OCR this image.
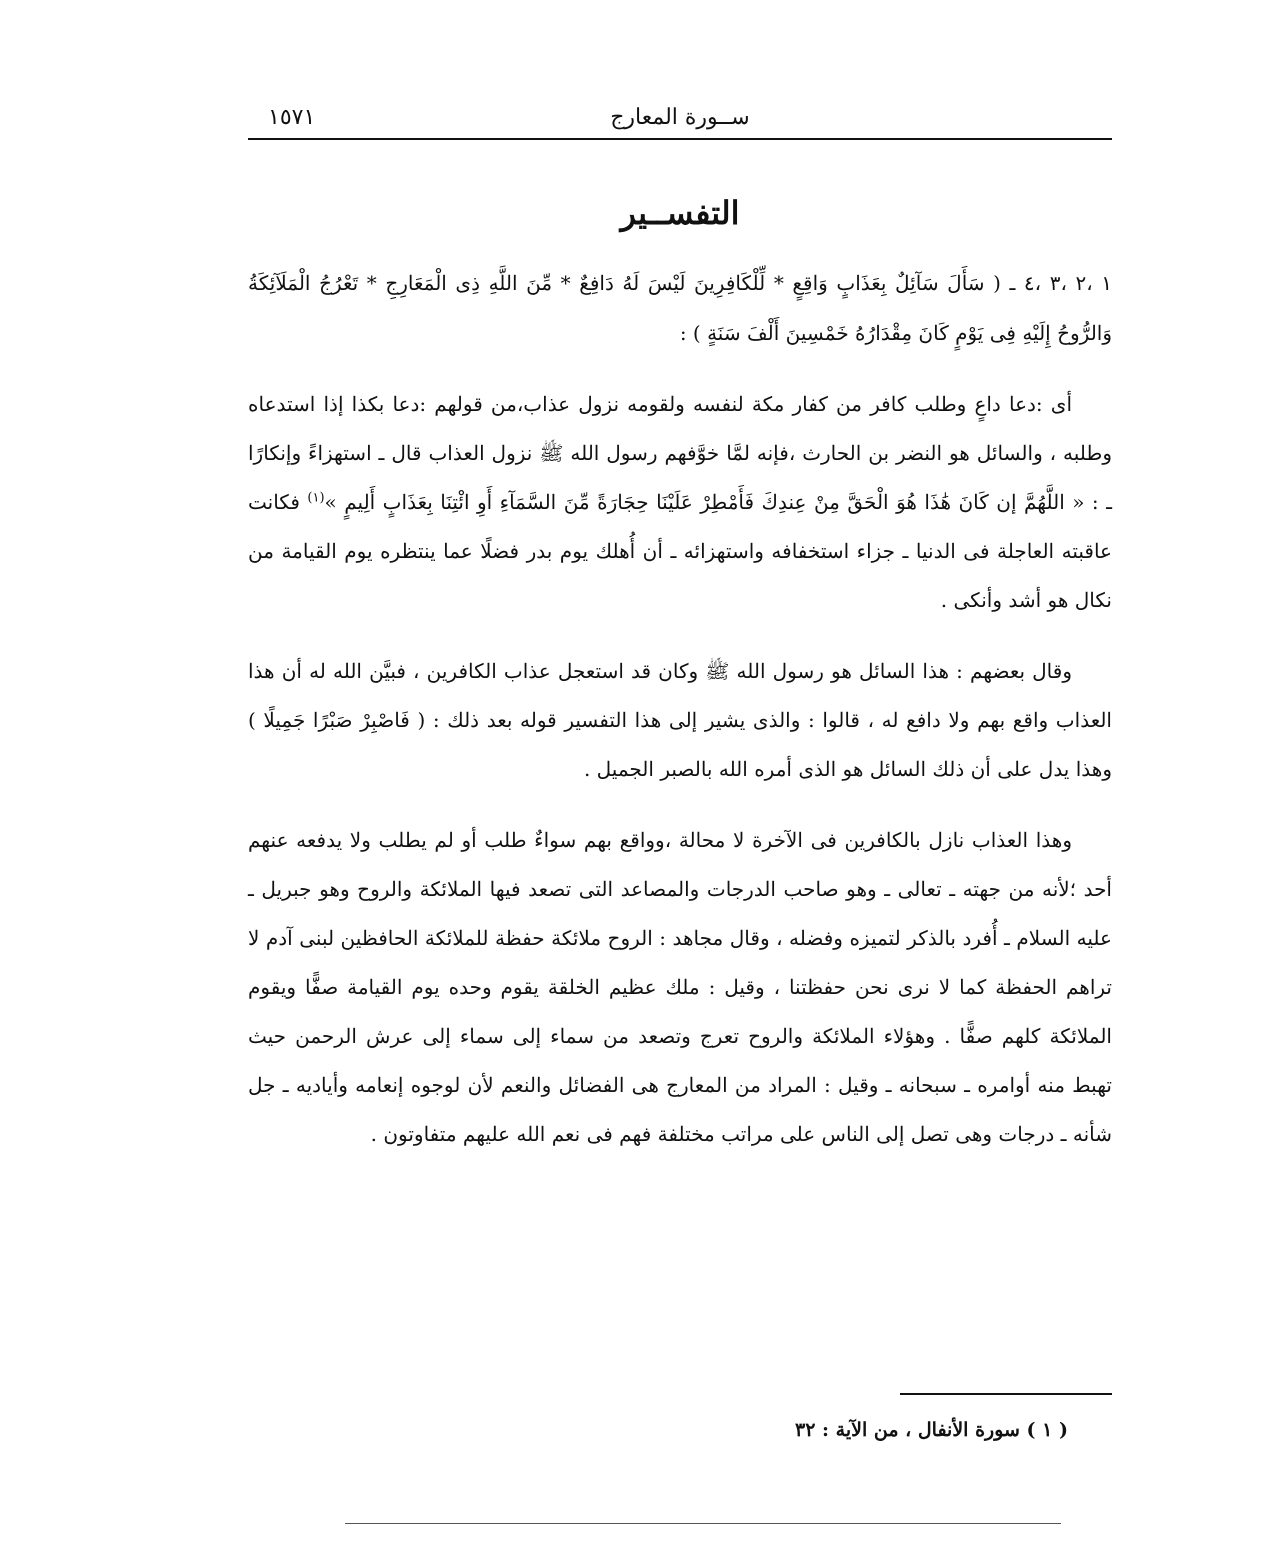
ســورة المعارج
١٥٧١
التفســير

١ ،٢ ،٣ ،٤ ـ ( سَأَلَ سَآئِلٌ بِعَذَابٍ وَاقِعٍ * لِّلْكَافِرِينَ لَيْسَ لَهُ دَافِعٌ * مِّنَ اللَّهِ ذِى الْمَعَارِجِ * تَعْرُجُ الْمَلَآئِكَةُ وَالرُّوحُ إِلَيْهِ فِى يَوْمٍ كَانَ مِقْدَارُهُ خَمْسِينَ أَلْفَ سَنَةٍ ) :

أى :دعا داعٍ وطلب كافر من كفار مكة لنفسه ولقومه نزول عذاب،من قولهم :دعا بكذا إذا استدعاه وطلبه ، والسائل هو النضر بن الحارث ،فإنه لمَّا خوَّفهم رسول الله ﷺ نزول العذاب قال ـ استهزاءً وإنكارًا ـ : « اللَّهُمَّ إن كَانَ هَٰذَا هُوَ الْحَقَّ مِنْ عِندِكَ فَأَمْطِرْ عَلَيْنَا حِجَارَةً مِّنَ السَّمَآءِ أَوِ ائْتِنَا بِعَذَابٍ أَلِيمٍ »$^{(١)}$ فكانت عاقبته العاجلة فى الدنيا ـ جزاء استخفافه واستهزائه ـ أن أُهلك يوم بدر فضلًا عما ينتظره يوم القيامة من نكال هو أشد وأنكى .

وقال بعضهم : هذا السائل هو رسول الله ﷺ وكان قد استعجل عذاب الكافرين ، فبيَّن الله له أن هذا العذاب واقع بهم ولا دافع له ، قالوا : والذى يشير إلى هذا التفسير قوله بعد ذلك : ( فَاصْبِرْ صَبْرًا جَمِيلًا ) وهذا يدل على أن ذلك السائل هو الذى أمره الله بالصبر الجميل .

وهذا العذاب نازل بالكافرين فى الآخرة لا محالة ،وواقع بهم سواءٌ طلب أو لم يطلب ولا يدفعه عنهم أحد ؛لأنه من جهته ـ تعالى ـ وهو صاحب الدرجات والمصاعد التى تصعد فيها الملائكة والروح وهو جبريل ـ عليه السلام ـ أُفرد بالذكر لتميزه وفضله ، وقال مجاهد : الروح ملائكة حفظة للملائكة الحافظين لبنى آدم لا تراهم الحفظة كما لا نرى نحن حفظتنا ، وقيل : ملك عظيم الخلقة يقوم وحده يوم القيامة صفًّا ويقوم الملائكة كلهم صفًّا . وهؤلاء الملائكة والروح تعرج وتصعد من سماء إلى سماء إلى عرش الرحمن حيث تهبط منه أوامره ـ سبحانه ـ وقيل : المراد من المعارج هى الفضائل والنعم لأن لوجوه إنعامه وأياديه ـ جل شأنه ـ درجات وهى تصل إلى الناس على مراتب مختلفة فهم فى نعم الله عليهم متفاوتون .

( ١ ) سورة الأنفال ، من الآية : ٣٢
